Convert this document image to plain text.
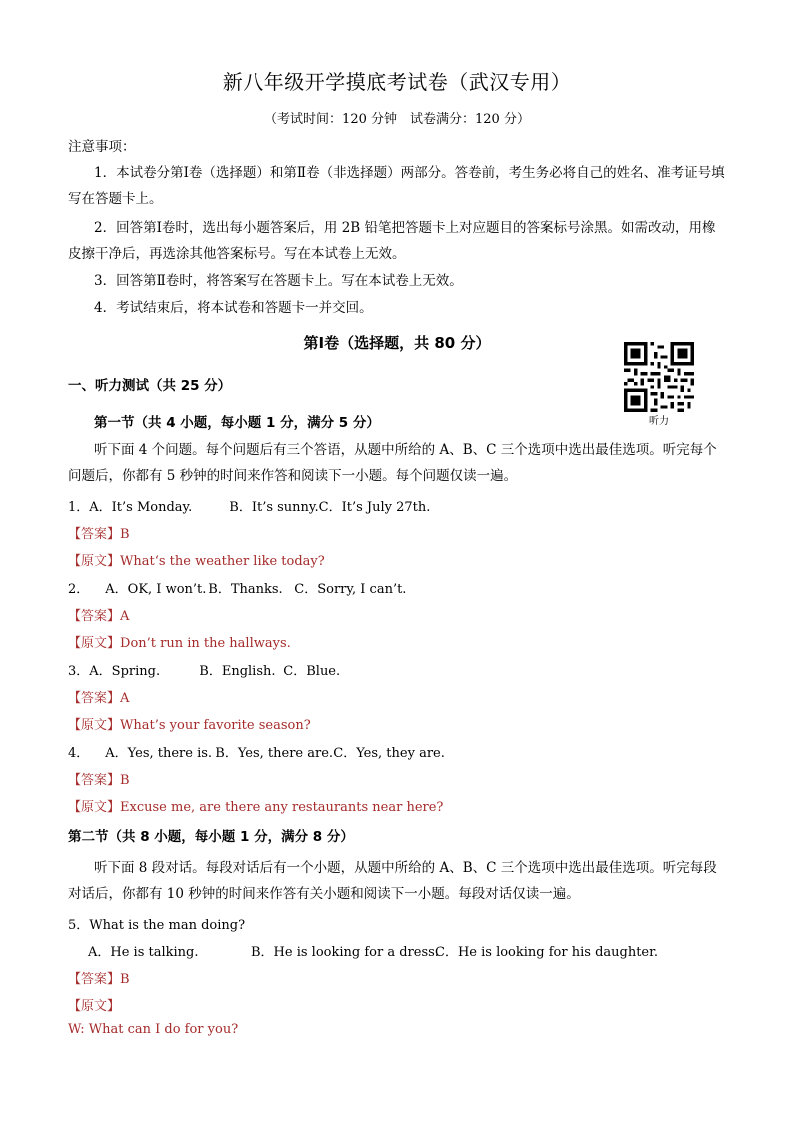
新八年级开学摸底考试卷（武汉专用）
（考试时间：120 分钟　试卷满分：120 分）
注意事项：
1．本试卷分第Ⅰ卷（选择题）和第Ⅱ卷（非选择题）两部分。答卷前，考生务必将自己的姓名、准考证号填写在答题卡上。
2．回答第Ⅰ卷时，选出每小题答案后，用 2B 铅笔把答题卡上对应题目的答案标号涂黑。如需改动，用橡皮擦干净后，再选涂其他答案标号。写在本试卷上无效。
3．回答第Ⅱ卷时，将答案写在答题卡上。写在本试卷上无效。
4．考试结束后，将本试卷和答题卡一并交回。
第Ⅰ卷（选择题，共 80 分）
听力
一、听力测试（共 25 分）
第一节（共 4 小题，每小题 1 分，满分 5 分）
听下面 4 个问题。每个问题后有三个答语，从题中所给的 A、B、C 三个选项中选出最佳选项。听完每个问题后，你都有 5 秒钟的时间来作答和阅读下一小题。每个问题仅读一遍。
1．A．It’s Monday.	B．It’s sunny.C．It’s July 27th.
【答案】B
【原文】What‘s the weather like today?
2． A．OK, I won’t. B．Thanks. C．Sorry, I can’t.
【答案】A
【原文】Don’t run in the hallways.
3．A．Spring.	B．English. C．Blue.
【答案】A
【原文】What’s your favorite season?
4． A．Yes, there is. B．Yes, there are.C．Yes, they are.
【答案】B
【原文】Excuse me, are there any restaurants near here?
第二节（共 8 小题，每小题 1 分，满分 8 分）
听下面 8 段对话。每段对话后有一个小题，从题中所给的 A、B、C 三个选项中选出最佳选项。听完每段对话后，你都有 10 秒钟的时间来作答有关小题和阅读下一小题。每段对话仅读一遍。
5．What is the man doing?
A．He is talking.	B．He is looking for a dress.C．He is looking for his daughter.
【答案】B
【原文】
W: What can I do for you?
